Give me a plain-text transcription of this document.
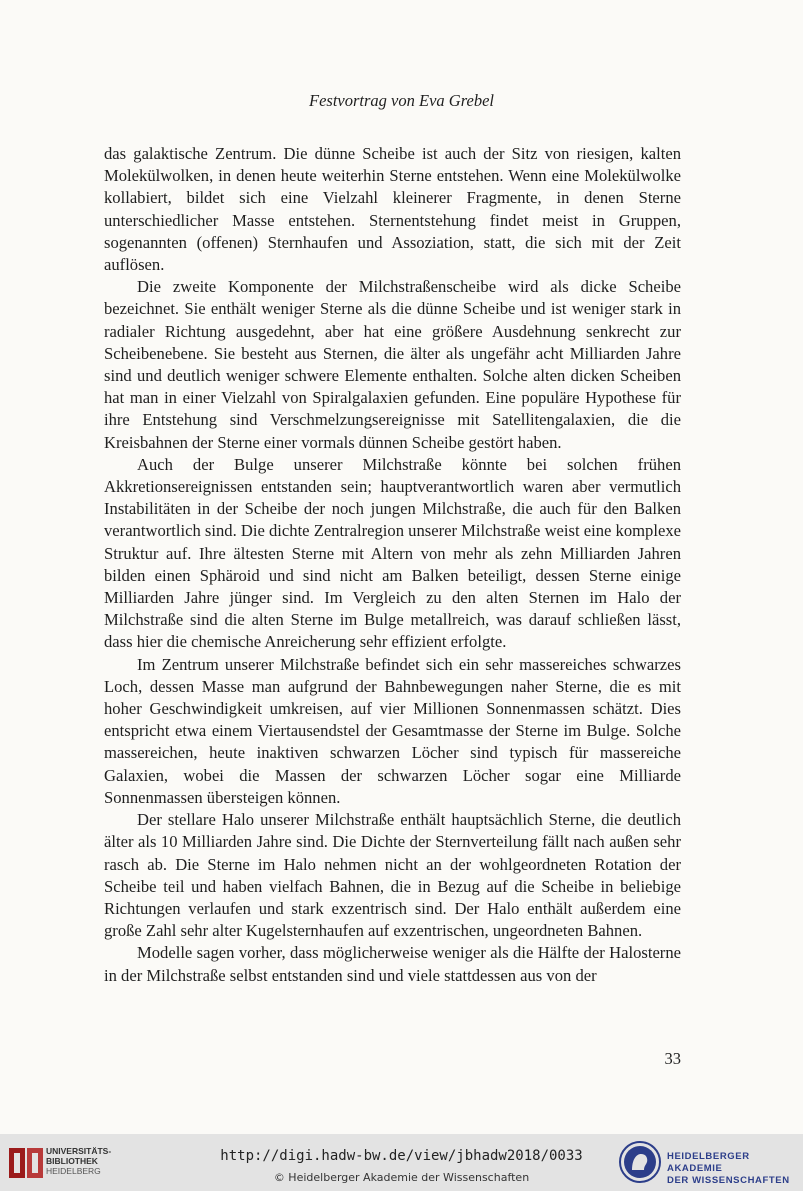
Festvortrag von Eva Grebel

das galaktische Zentrum. Die dünne Scheibe ist auch der Sitz von riesigen, kalten Molekülwolken, in denen heute weiterhin Sterne entstehen. Wenn eine Molekülwolke kollabiert, bildet sich eine Vielzahl kleinerer Fragmente, in denen Sterne unterschiedlicher Masse entstehen. Sternentstehung findet meist in Gruppen, sogenannten (offenen) Sternhaufen und Assoziation, statt, die sich mit der Zeit auflösen.

Die zweite Komponente der Milchstraßenscheibe wird als dicke Scheibe bezeichnet. Sie enthält weniger Sterne als die dünne Scheibe und ist weniger stark in radialer Richtung ausgedehnt, aber hat eine größere Ausdehnung senkrecht zur Scheibenebene. Sie besteht aus Sternen, die älter als ungefähr acht Milliarden Jahre sind und deutlich weniger schwere Elemente enthalten. Solche alten dicken Scheiben hat man in einer Vielzahl von Spiralgalaxien gefunden. Eine populäre Hypothese für ihre Entstehung sind Verschmelzungsereignisse mit Satellitengalaxien, die die Kreisbahnen der Sterne einer vormals dünnen Scheibe gestört haben.

Auch der Bulge unserer Milchstraße könnte bei solchen frühen Akkretionsereignissen entstanden sein; hauptverantwortlich waren aber vermutlich Instabilitäten in der Scheibe der noch jungen Milchstraße, die auch für den Balken verantwortlich sind. Die dichte Zentralregion unserer Milchstraße weist eine komplexe Struktur auf. Ihre ältesten Sterne mit Altern von mehr als zehn Milliarden Jahren bilden einen Sphäroid und sind nicht am Balken beteiligt, dessen Sterne einige Milliarden Jahre jünger sind. Im Vergleich zu den alten Sternen im Halo der Milchstraße sind die alten Sterne im Bulge metallreich, was darauf schließen lässt, dass hier die chemische Anreicherung sehr effizient erfolgte.

Im Zentrum unserer Milchstraße befindet sich ein sehr massereiches schwarzes Loch, dessen Masse man aufgrund der Bahnbewegungen naher Sterne, die es mit hoher Geschwindigkeit umkreisen, auf vier Millionen Sonnenmassen schätzt. Dies entspricht etwa einem Viertausendstel der Gesamtmasse der Sterne im Bulge. Solche massereichen, heute inaktiven schwarzen Löcher sind typisch für massereiche Galaxien, wobei die Massen der schwarzen Löcher sogar eine Milliarde Sonnenmassen übersteigen können.

Der stellare Halo unserer Milchstraße enthält hauptsächlich Sterne, die deutlich älter als 10 Milliarden Jahre sind. Die Dichte der Sternverteilung fällt nach außen sehr rasch ab. Die Sterne im Halo nehmen nicht an der wohlgeordneten Rotation der Scheibe teil und haben vielfach Bahnen, die in Bezug auf die Scheibe in beliebige Richtungen verlaufen und stark exzentrisch sind. Der Halo enthält außerdem eine große Zahl sehr alter Kugelsternhaufen auf exzentrischen, ungeordneten Bahnen.

Modelle sagen vorher, dass möglicherweise weniger als die Hälfte der Halosterne in der Milchstraße selbst entstanden sind und viele stattdessen aus von der

33
UNIVERSITÄTS-
BIBLIOTHEK
HEIDELBERG
http://digi.hadw-bw.de/view/jbhadw2018/0033
© Heidelberger Akademie der Wissenschaften
HEIDELBERGER AKADEMIE
DER WISSENSCHAFTEN
